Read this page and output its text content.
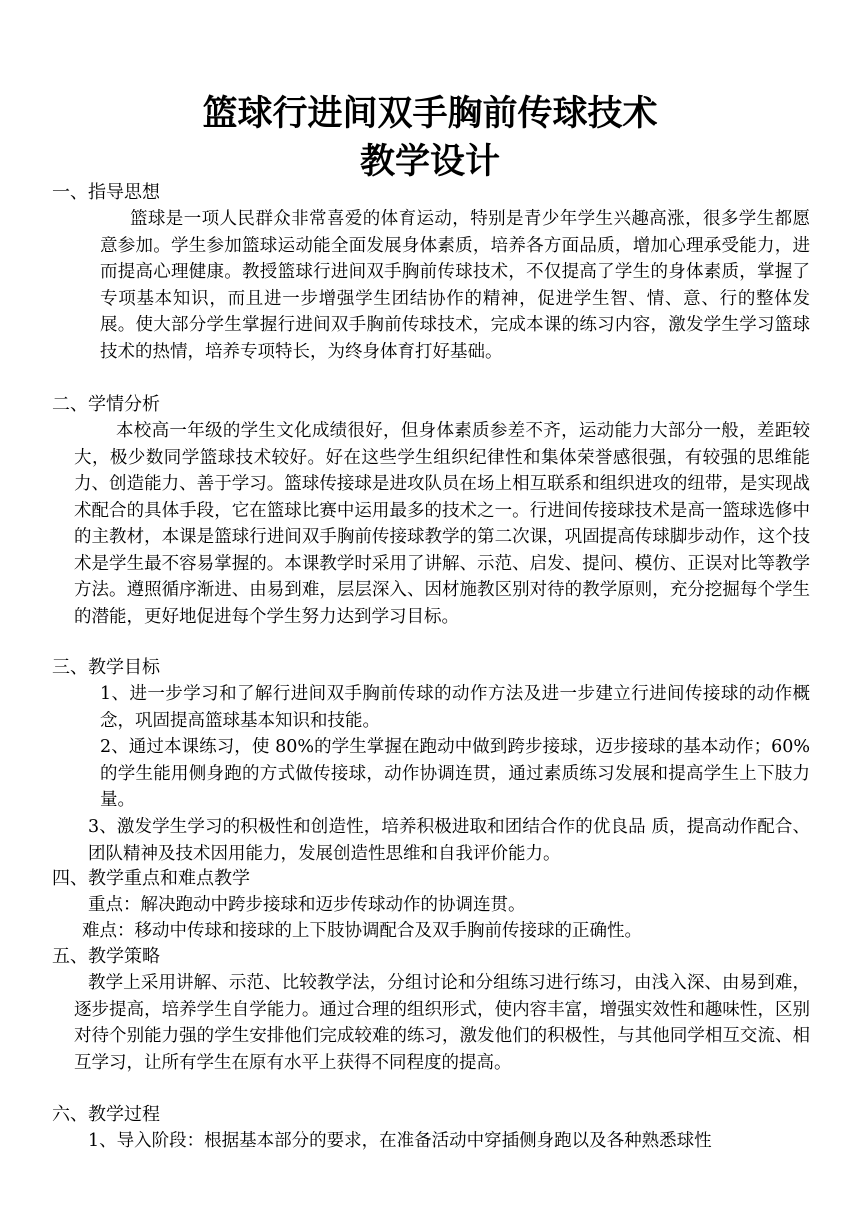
篮球行进间双手胸前传球技术
教学设计

一、指导思想

篮球是一项人民群众非常喜爱的体育运动，特别是青少年学生兴趣高涨，很多学生都愿意参加。学生参加篮球运动能全面发展身体素质，培养各方面品质，增加心理承受能力，进而提高心理健康。教授篮球行进间双手胸前传球技术，不仅提高了学生的身体素质，掌握了专项基本知识，而且进一步增强学生团结协作的精神，促进学生智、情、意、行的整体发展。使大部分学生掌握行进间双手胸前传球技术，完成本课的练习内容，激发学生学习篮球技术的热情，培养专项特长，为终身体育打好基础。

二、学情分析

本校高一年级的学生文化成绩很好，但身体素质参差不齐，运动能力大部分一般，差距较大，极少数同学篮球技术较好。好在这些学生组织纪律性和集体荣誉感很强，有较强的思维能力、创造能力、善于学习。篮球传接球是进攻队员在场上相互联系和组织进攻的纽带，是实现战术配合的具体手段，它在篮球比赛中运用最多的技术之一。行进间传接球技术是高一篮球选修中的主教材，本课是篮球行进间双手胸前传接球教学的第二次课，巩固提高传球脚步动作，这个技术是学生最不容易掌握的。本课教学时采用了讲解、示范、启发、提问、模仿、正误对比等教学方法。遵照循序渐进、由易到难，层层深入、因材施教区别对待的教学原则，充分挖掘每个学生的潜能，更好地促进每个学生努力达到学习目标。

三、教学目标

1、进一步学习和了解行进间双手胸前传球的动作方法及进一步建立行进间传接球的动作概念，巩固提高篮球基本知识和技能。

2、通过本课练习，使 80%的学生掌握在跑动中做到跨步接球，迈步接球的基本动作；60%的学生能用侧身跑的方式做传接球，动作协调连贯，通过素质练习发展和提高学生上下肢力量。

3、激发学生学习的积极性和创造性，培养积极进取和团结合作的优良品 质，提高动作配合、团队精神及技术因用能力，发展创造性思维和自我评价能力。

四、教学重点和难点教学

重点：解决跑动中跨步接球和迈步传球动作的协调连贯。

难点：移动中传球和接球的上下肢协调配合及双手胸前传接球的正确性。

五、教学策略

教学上采用讲解、示范、比较教学法，分组讨论和分组练习进行练习，由浅入深、由易到难，逐步提高，培养学生自学能力。通过合理的组织形式，使内容丰富，增强实效性和趣味性，区别对待个别能力强的学生安排他们完成较难的练习，激发他们的积极性，与其他同学相互交流、相互学习，让所有学生在原有水平上获得不同程度的提高。

六、教学过程

1、导入阶段：根据基本部分的要求，在准备活动中穿插侧身跑以及各种熟悉球性
